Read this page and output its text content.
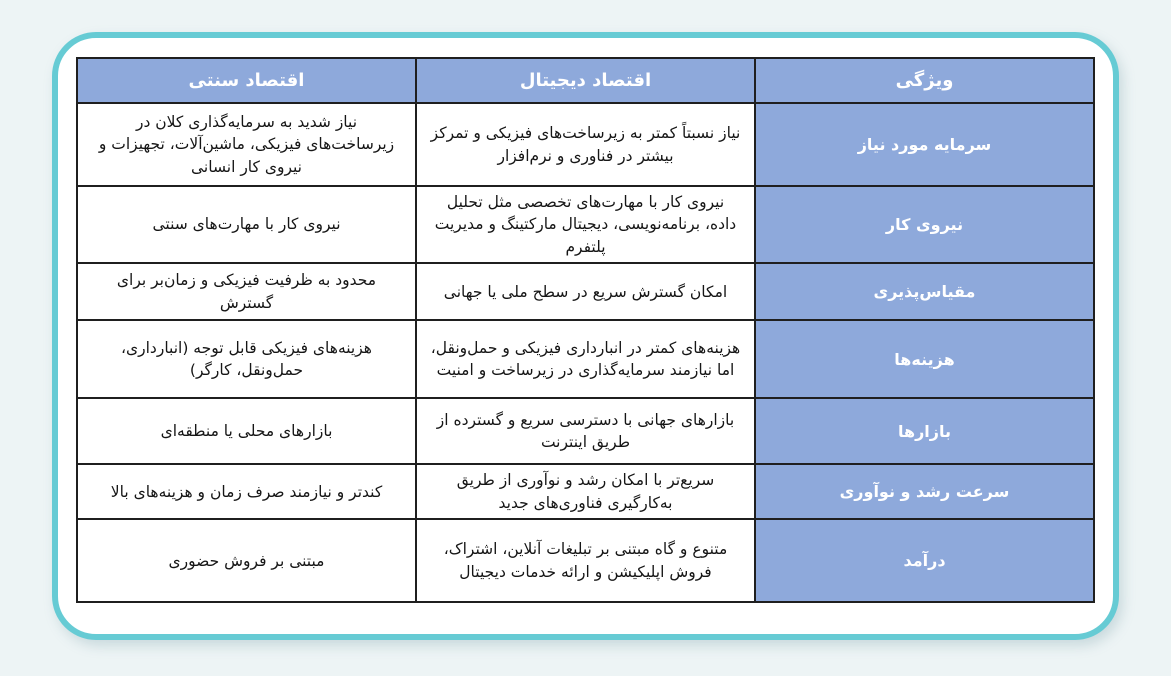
ویژگی	اقتصاد دیجیتال	اقتصاد سنتی
سرمایه مورد نیاز	نیاز نسبتاً کمتر به زیرساخت‌های فیزیکی و تمرکز بیشتر در فناوری و نرم‌افزار	نیاز شدید به سرمایه‌گذاری کلان در زیرساخت‌های فیزیکی، ماشین‌آلات، تجهیزات و نیروی کار انسانی
نیروی کار	نیروی کار با مهارت‌های تخصصی مثل تحلیل داده، برنامه‌نویسی، دیجیتال مارکتینگ و مدیریت پلتفرم	نیروی کار با مهارت‌های سنتی
مقیاس‌پذیری	امکان گسترش سریع در سطح ملی یا جهانی	محدود به ظرفیت فیزیکی و زمان‌بر برای گسترش
هزینه‌ها	هزینه‌های کمتر در انبارداری فیزیکی و حمل‌ونقل، اما نیازمند سرمایه‌گذاری در زیرساخت و امنیت	هزینه‌های فیزیکی قابل توجه (انبارداری، حمل‌ونقل، کارگر)
بازارها	بازارهای جهانی با دسترسی سریع و گسترده از طریق اینترنت	بازارهای محلی یا منطقه‌ای
سرعت رشد و نوآوری	سریع‌تر با امکان رشد و نوآوری از طریق به‌کارگیری فناوری‌های جدید	کندتر و نیازمند صرف زمان و هزینه‌های بالا
درآمد	متنوع و گاه مبتنی بر تبلیغات آنلاین، اشتراک، فروش اپلیکیشن و ارائه خدمات دیجیتال	مبتنی بر فروش حضوری
